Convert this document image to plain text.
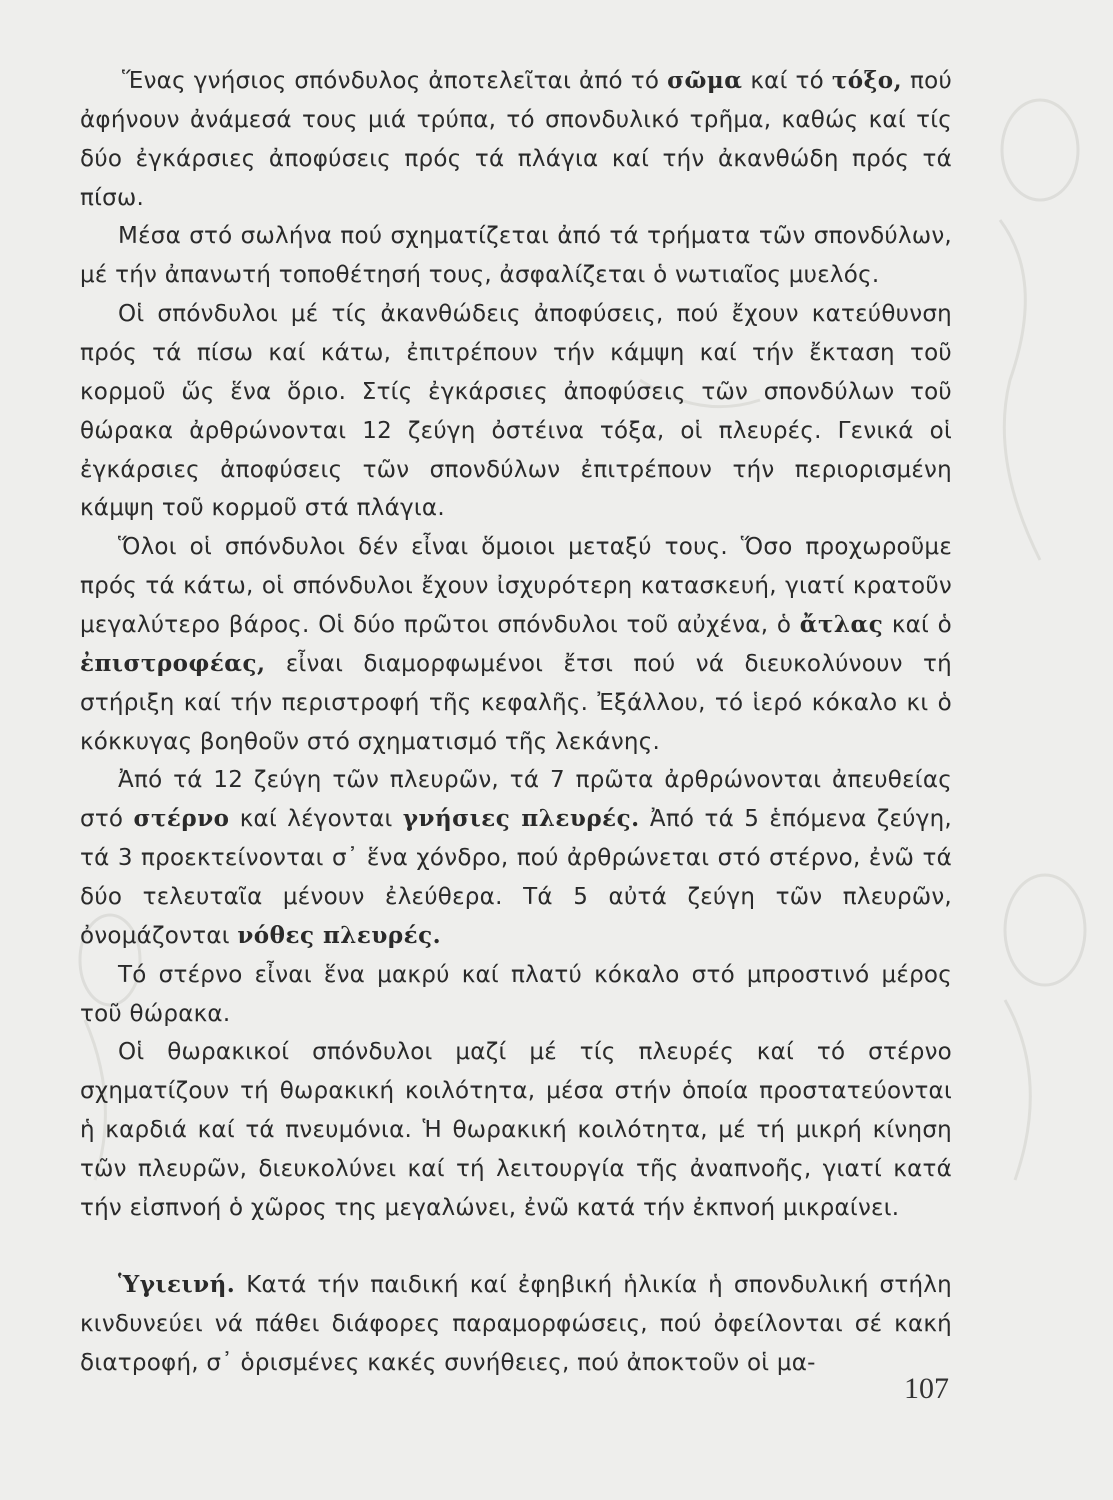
Ἕνας γνήσιος σπόνδυλος ἀποτελεῖται ἀπό τό σῶμα καί τό τόξο, πού ἀφήνουν ἀνάμεσά τους μιά τρύπα, τό σπονδυλικό τρῆμα, καθώς καί τίς δύο ἐγκάρσιες ἀποφύσεις πρός τά πλάγια καί τήν ἀκανθώδη πρός τά πίσω.

Μέσα στό σωλήνα πού σχηματίζεται ἀπό τά τρήματα τῶν σπονδύλων, μέ τήν ἀπανωτή τοποθέτησή τους, ἀσφαλίζεται ὁ νωτιαῖος μυελός.

Οἱ σπόνδυλοι μέ τίς ἀκανθώδεις ἀποφύσεις, πού ἔχουν κατεύθυνση πρός τά πίσω καί κάτω, ἐπιτρέπουν τήν κάμψη καί τήν ἔκταση τοῦ κορμοῦ ὥς ἕνα ὅριο. Στίς ἐγκάρσιες ἀποφύσεις τῶν σπονδύλων τοῦ θώρακα ἀρθρώνονται 12 ζεύγη ὀστέινα τόξα, οἱ πλευρές. Γενικά οἱ ἐγκάρσιες ἀποφύσεις τῶν σπονδύλων ἐπιτρέπουν τήν περιορισμένη κάμψη τοῦ κορμοῦ στά πλάγια.

Ὅλοι οἱ σπόνδυλοι δέν εἶναι ὅμοιοι μεταξύ τους. Ὅσο προχωροῦμε πρός τά κάτω, οἱ σπόνδυλοι ἔχουν ἰσχυρότερη κατασκευή, γιατί κρατοῦν μεγαλύτερο βάρος. Οἱ δύο πρῶτοι σπόνδυλοι τοῦ αὐχένα, ὁ ἄτλας καί ὁ ἐπιστροφέας, εἶναι διαμορφωμένοι ἔτσι πού νά διευκολύνουν τή στήριξη καί τήν περιστροφή τῆς κεφαλῆς. Ἐξάλλου, τό ἱερό κόκαλο κι ὁ κόκκυγας βοηθοῦν στό σχηματισμό τῆς λεκάνης.

Ἀπό τά 12 ζεύγη τῶν πλευρῶν, τά 7 πρῶτα ἀρθρώνονται ἀπευθείας στό στέρνο καί λέγονται γνήσιες πλευρές. Ἀπό τά 5 ἑπόμενα ζεύγη, τά 3 προεκτείνονται σ᾽ ἕνα χόνδρο, πού ἀρθρώνεται στό στέρνο, ἐνῶ τά δύο τελευταῖα μένουν ἐλεύθερα. Τά 5 αὐτά ζεύγη τῶν πλευρῶν, ὀνομάζονται νόθες πλευρές.

Τό στέρνο εἶναι ἕνα μακρύ καί πλατύ κόκαλο στό μπροστινό μέρος τοῦ θώρακα.

Οἱ θωρακικοί σπόνδυλοι μαζί μέ τίς πλευρές καί τό στέρνο σχηματίζουν τή θωρακική κοιλότητα, μέσα στήν ὁποία προστατεύονται ἡ καρδιά καί τά πνευμόνια. Ἡ θωρακική κοιλότητα, μέ τή μικρή κίνηση τῶν πλευρῶν, διευκολύνει καί τή λειτουργία τῆς ἀναπνοῆς, γιατί κατά τήν εἰσπνοή ὁ χῶρος της μεγαλώνει, ἐνῶ κατά τήν ἐκπνοή μικραίνει.

Ὑγιεινή. Κατά τήν παιδική καί ἐφηβική ἡλικία ἡ σπονδυλική στήλη κινδυνεύει νά πάθει διάφορες παραμορφώσεις, πού ὀφείλονται σέ κακή διατροφή, σ᾽ ὁρισμένες κακές συνήθειες, πού ἀποκτοῦν οἱ μα-

107
